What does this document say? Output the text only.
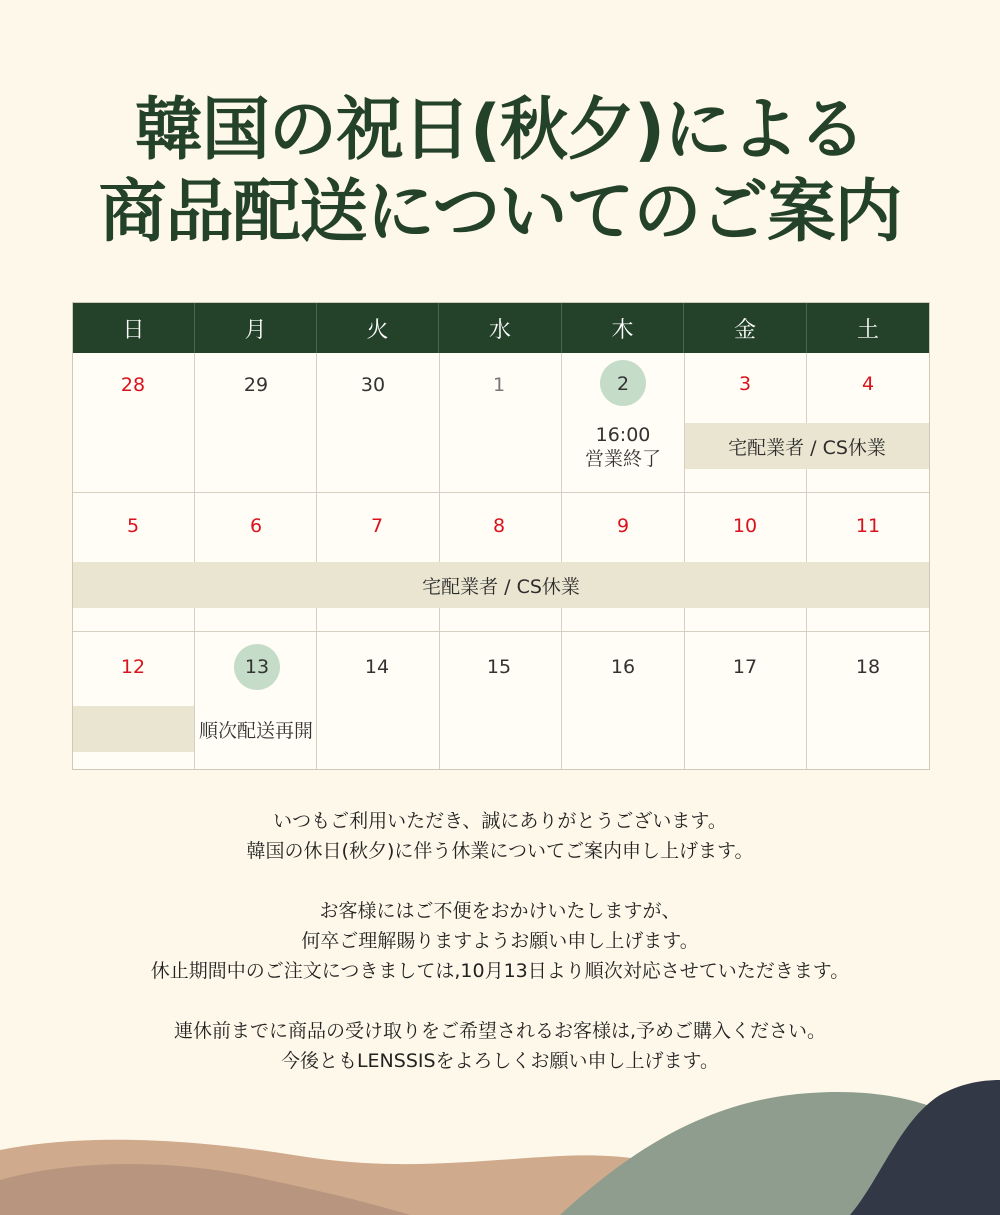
韓国の祝日(秋夕)による
商品配送についてのご案内
日	月	火	水	木	金	土
28	29	30	1	2	3	4
16:00
営業終了
宅配業者 / CS休業
5	6	7	8	9	10	11
宅配業者 / CS休業
12	13	14	15	16	17	18
順次配送再開
いつもご利用いただき、誠にありがとうございます。
韓国の休日(秋夕)に伴う休業についてご案内申し上げます。
お客様にはご不便をおかけいたしますが、
何卒ご理解賜りますようお願い申し上げます。
休止期間中のご注文につきましては,10月13日より順次対応させていただきます。
連休前までに商品の受け取りをご希望されるお客様は,予めご購入ください。
今後ともLENSSISをよろしくお願い申し上げます。
